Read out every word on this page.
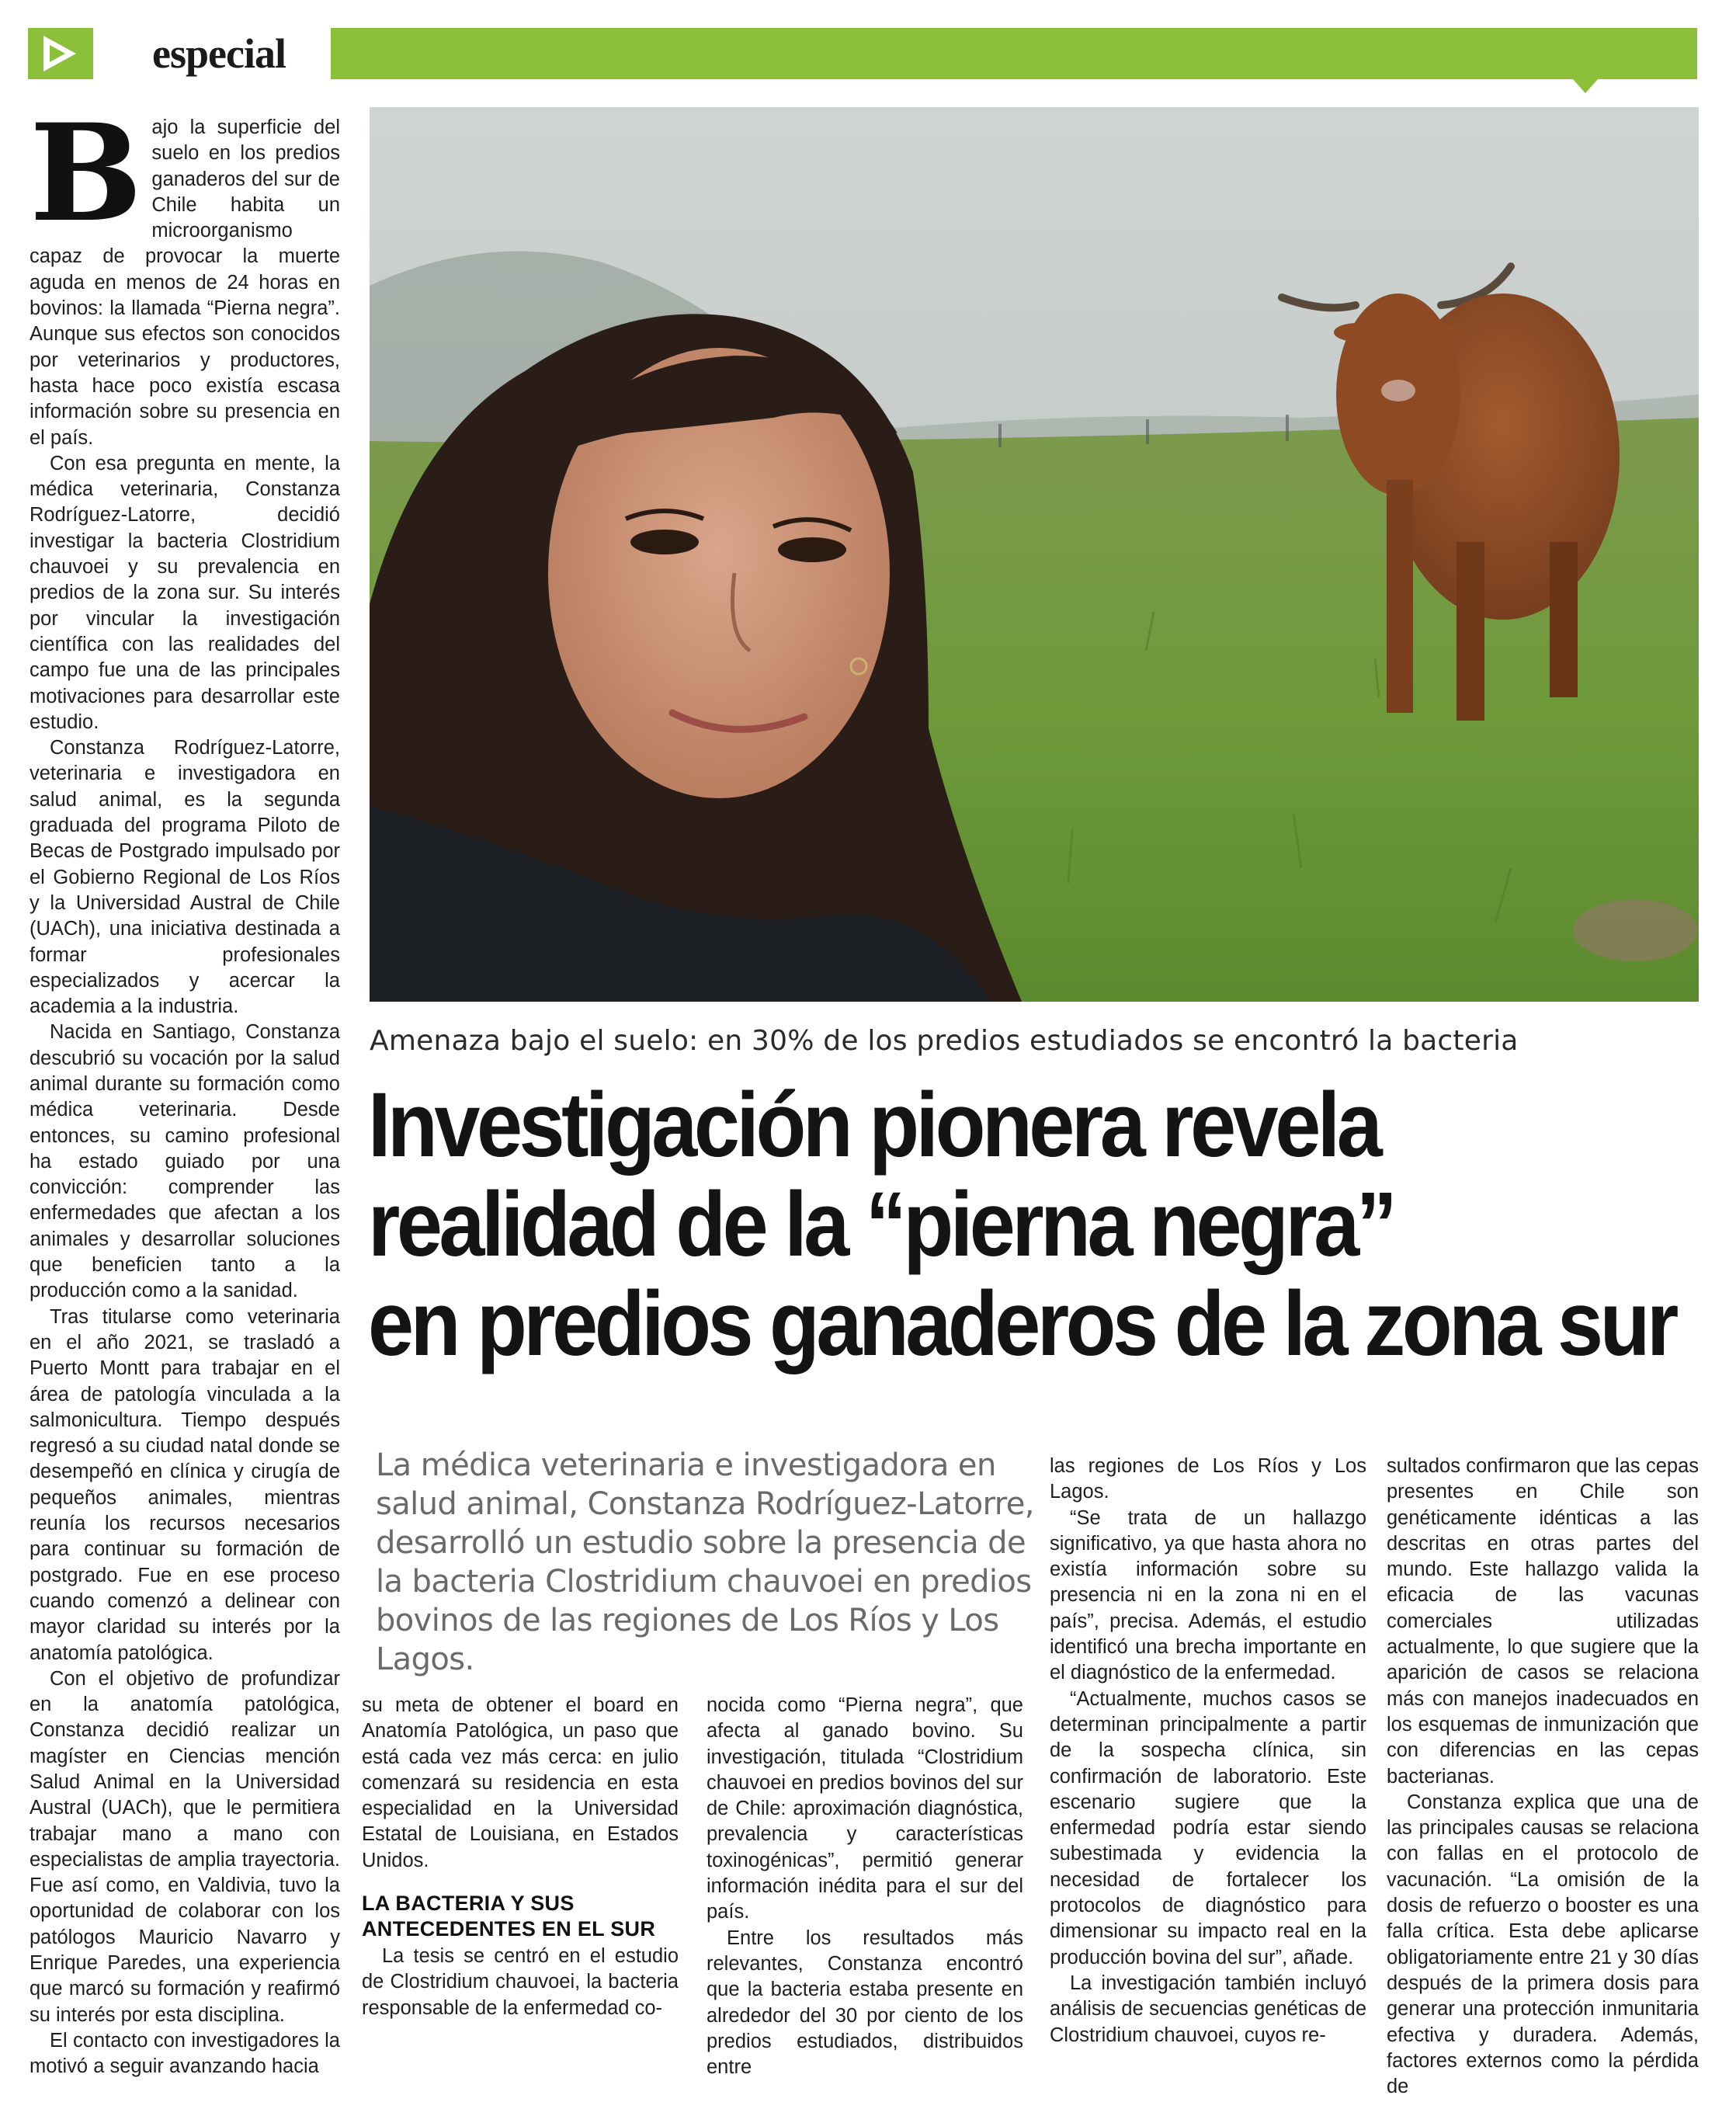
especial

Bajo la superficie del suelo en los predios ganaderos del sur de Chile habita un microorganismo capaz de provocar la muerte aguda en menos de 24 horas en bovinos: la llamada “Pierna negra”. Aunque sus efectos son conocidos por veterinarios y productores, hasta hace poco existía escasa información sobre su presencia en el país.

Con esa pregunta en mente, la médica veterinaria, Constanza Rodríguez-Latorre, decidió investigar la bacteria Clostridium chauvoei y su prevalencia en predios de la zona sur. Su interés por vincular la investigación científica con las realidades del campo fue una de las principales motivaciones para desarrollar este estudio.

Constanza Rodríguez-Latorre, veterinaria e investigadora en salud animal, es la segunda graduada del programa Piloto de Becas de Postgrado impulsado por el Gobierno Regional de Los Ríos y la Universidad Austral de Chile (UACh), una iniciativa destinada a formar profesionales especializados y acercar la academia a la industria.

Nacida en Santiago, Constanza descubrió su vocación por la salud animal durante su formación como médica veterinaria. Desde entonces, su camino profesional ha estado guiado por una convicción: comprender las enfermedades que afectan a los animales y desarrollar soluciones que beneficien tanto a la producción como a la sanidad.

Tras titularse como veterinaria en el año 2021, se trasladó a Puerto Montt para trabajar en el área de patología vinculada a la salmonicultura. Tiempo después regresó a su ciudad natal donde se desempeñó en clínica y cirugía de pequeños animales, mientras reunía los recursos necesarios para continuar su formación de postgrado. Fue en ese proceso cuando comenzó a delinear con mayor claridad su interés por la anatomía patológica.

Con el objetivo de profundizar en la anatomía patológica, Constanza decidió realizar un magíster en Ciencias mención Salud Animal en la Universidad Austral (UACh), que le permitiera trabajar mano a mano con especialistas de amplia trayectoria. Fue así como, en Valdivia, tuvo la oportunidad de colaborar con los patólogos Mauricio Navarro y Enrique Paredes, una experiencia que marcó su formación y reafirmó su interés por esta disciplina.

El contacto con investigadores la motivó a seguir avanzando hacia

Amenaza bajo el suelo: en 30% de los predios estudiados se encontró la bacteria
Investigación pionera revela
realidad de la “pierna negra”
en predios ganaderos de la zona sur
La médica veterinaria e investigadora en salud animal, Constanza Rodríguez-Latorre, desarrolló un estudio sobre la presencia de la bacteria Clostridium chauvoei en predios bovinos de las regiones de Los Ríos y Los Lagos.

su meta de obtener el board en Anatomía Patológica, un paso que está cada vez más cerca: en julio comenzará su residencia en esta especialidad en la Universidad Estatal de Louisiana, en Estados Unidos.

LA BACTERIA Y SUS ANTECEDENTES EN EL SUR

La tesis se centró en el estudio de Clostridium chauvoei, la bacteria responsable de la enfermedad co-

nocida como “Pierna negra”, que afecta al ganado bovino. Su investigación, titulada “Clostridium chauvoei en predios bovinos del sur de Chile: aproximación diagnóstica, prevalencia y características toxinogénicas”, permitió generar información inédita para el sur del país.

Entre los resultados más relevantes, Constanza encontró que la bacteria estaba presente en alrededor del 30 por ciento de los predios estudiados, distribuidos entre

las regiones de Los Ríos y Los Lagos.

“Se trata de un hallazgo significativo, ya que hasta ahora no existía información sobre su presencia ni en la zona ni en el país”, precisa. Además, el estudio identificó una brecha importante en el diagnóstico de la enfermedad.

“Actualmente, muchos casos se determinan principalmente a partir de la sospecha clínica, sin confirmación de laboratorio. Este escenario sugiere que la enfermedad podría estar siendo subestimada y evidencia la necesidad de fortalecer los protocolos de diagnóstico para dimensionar su impacto real en la producción bovina del sur”, añade.

La investigación también incluyó análisis de secuencias genéticas de Clostridium chauvoei, cuyos re-

sultados confirmaron que las cepas presentes en Chile son genéticamente idénticas a las descritas en otras partes del mundo. Este hallazgo valida la eficacia de las vacunas comerciales utilizadas actualmente, lo que sugiere que la aparición de casos se relaciona más con manejos inadecuados en los esquemas de inmunización que con diferencias en las cepas bacterianas.

Constanza explica que una de las principales causas se relaciona con fallas en el protocolo de vacunación. “La omisión de la dosis de refuerzo o booster es una falla crítica. Esta debe aplicarse obligatoriamente entre 21 y 30 días después de la primera dosis para generar una protección inmunitaria efectiva y duradera. Además, factores externos como la pérdida de
